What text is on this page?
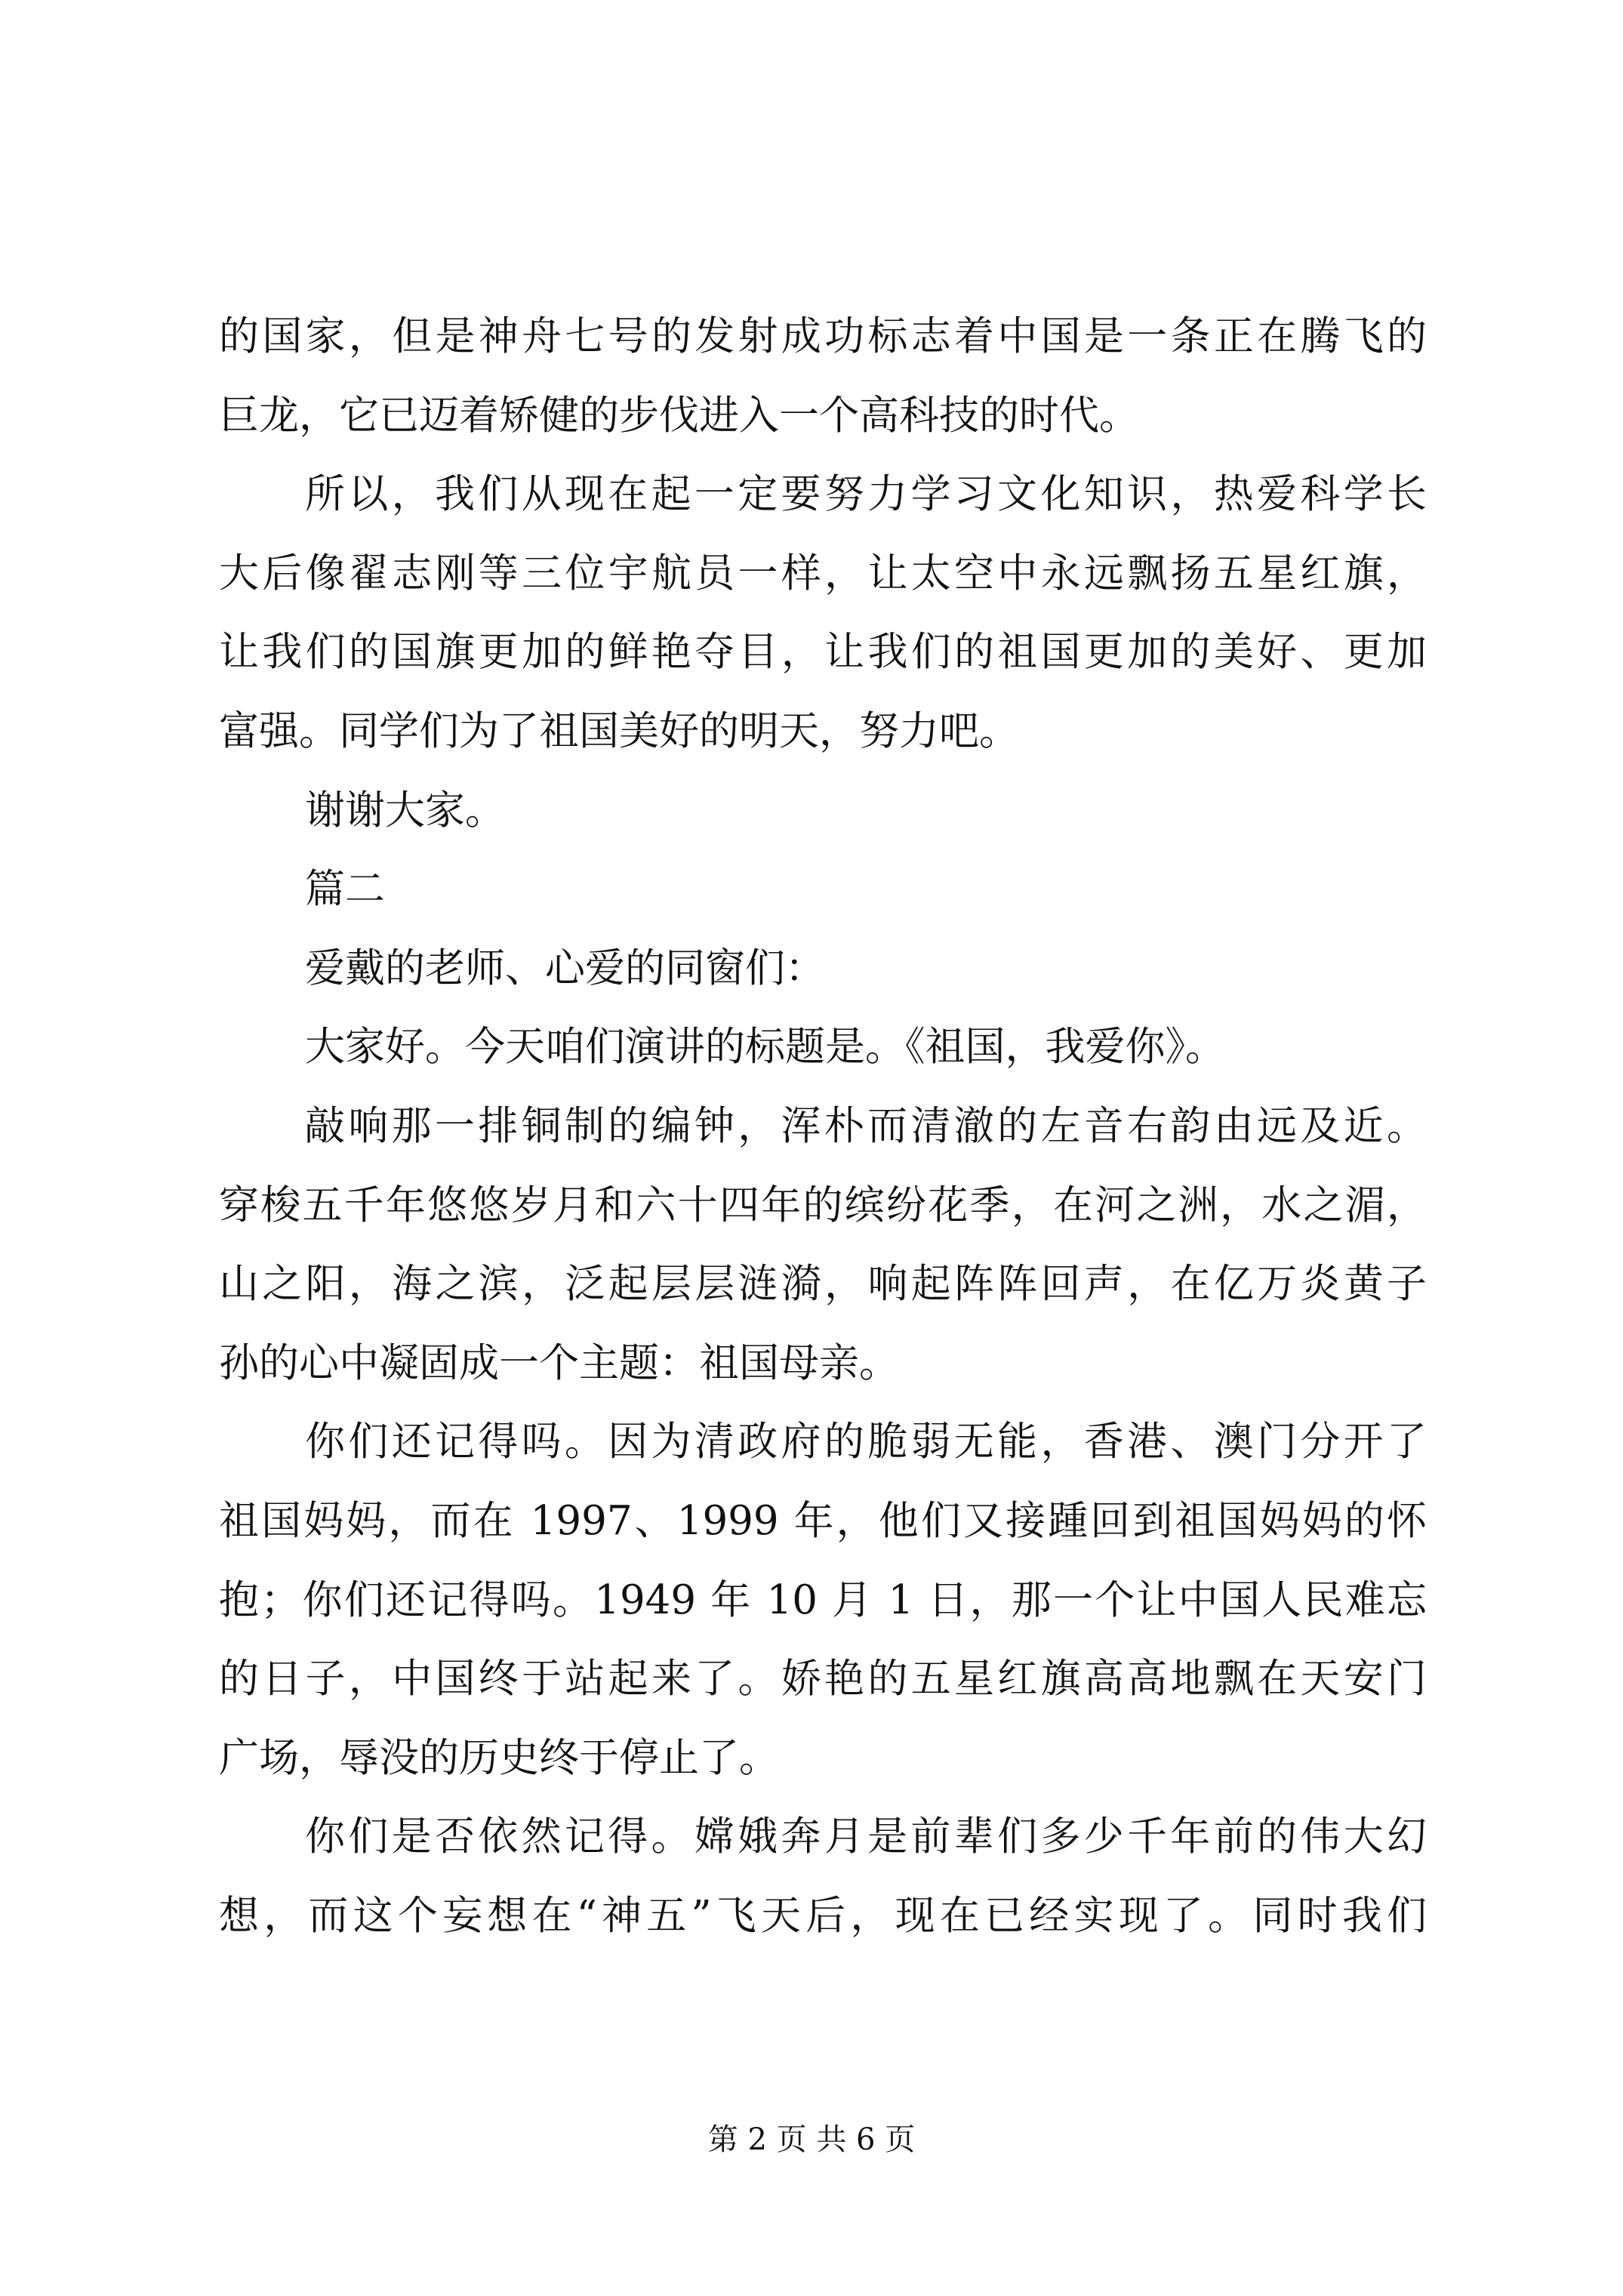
的国家，但是神舟七号的发射成功标志着中国是一条正在腾飞的
巨龙，它已迈着矫健的步伐进入一个高科技的时代。
所以，我们从现在起一定要努力学习文化知识，热爱科学长
大后像翟志刚等三位宇航员一样，让太空中永远飘扬五星红旗，
让我们的国旗更加的鲜艳夺目，让我们的祖国更加的美好、更加
富强。同学们为了祖国美好的明天，努力吧。
谢谢大家。
篇二
爱戴的老师、心爱的同窗们：
大家好。今天咱们演讲的标题是。《祖国，我爱你》。
敲响那一排铜制的编钟，浑朴而清澈的左音右韵由远及近。
穿梭五千年悠悠岁月和六十四年的缤纷花季，在河之洲，水之湄，
山之阳，海之滨，泛起层层涟漪，响起阵阵回声，在亿万炎黄子
孙的心中凝固成一个主题：祖国母亲。
你们还记得吗。因为清政府的脆弱无能，香港、澳门分开了
祖国妈妈，而在 1997、1999 年，他们又接踵回到祖国妈妈的怀
抱；你们还记得吗。1949 年 10 月 1 日，那一个让中国人民难忘
的日子，中国终于站起来了。娇艳的五星红旗高高地飘在天安门
广场，辱没的历史终于停止了。
你们是否依然记得。嫦娥奔月是前辈们多少千年前的伟大幻
想，而这个妄想在“神五”飞天后，现在已经实现了。同时我们
第 2 页 共 6 页
